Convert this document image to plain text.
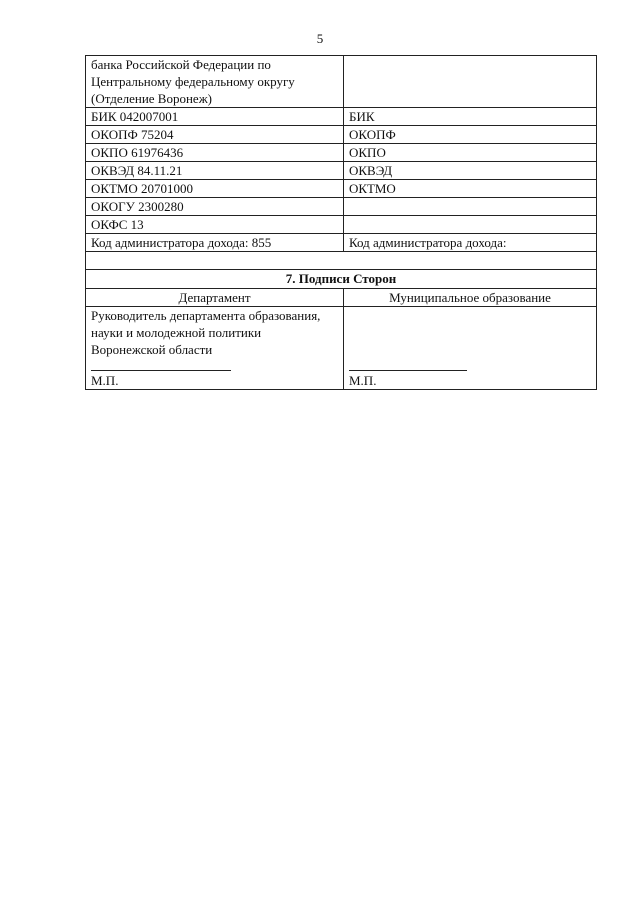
5
банка Российской Федерации по
Центральному федеральному округу
(Отделение Воронеж)	

БИК 042007001	БИК
ОКОПФ 75204	ОКОПФ
ОКПО 61976436	ОКПО
ОКВЭД 84.11.21	ОКВЭД
ОКТМО 20701000	ОКТМО
ОКОГУ 2300280	
ОКФС 13	
Код администратора дохода: 855	Код администратора дохода:

7. Подписи Сторон	
Департамент	Муниципальное образование

Руководитель департамента образования,
науки и молодежной политики
Воронежской области
М.П.	М.П.
